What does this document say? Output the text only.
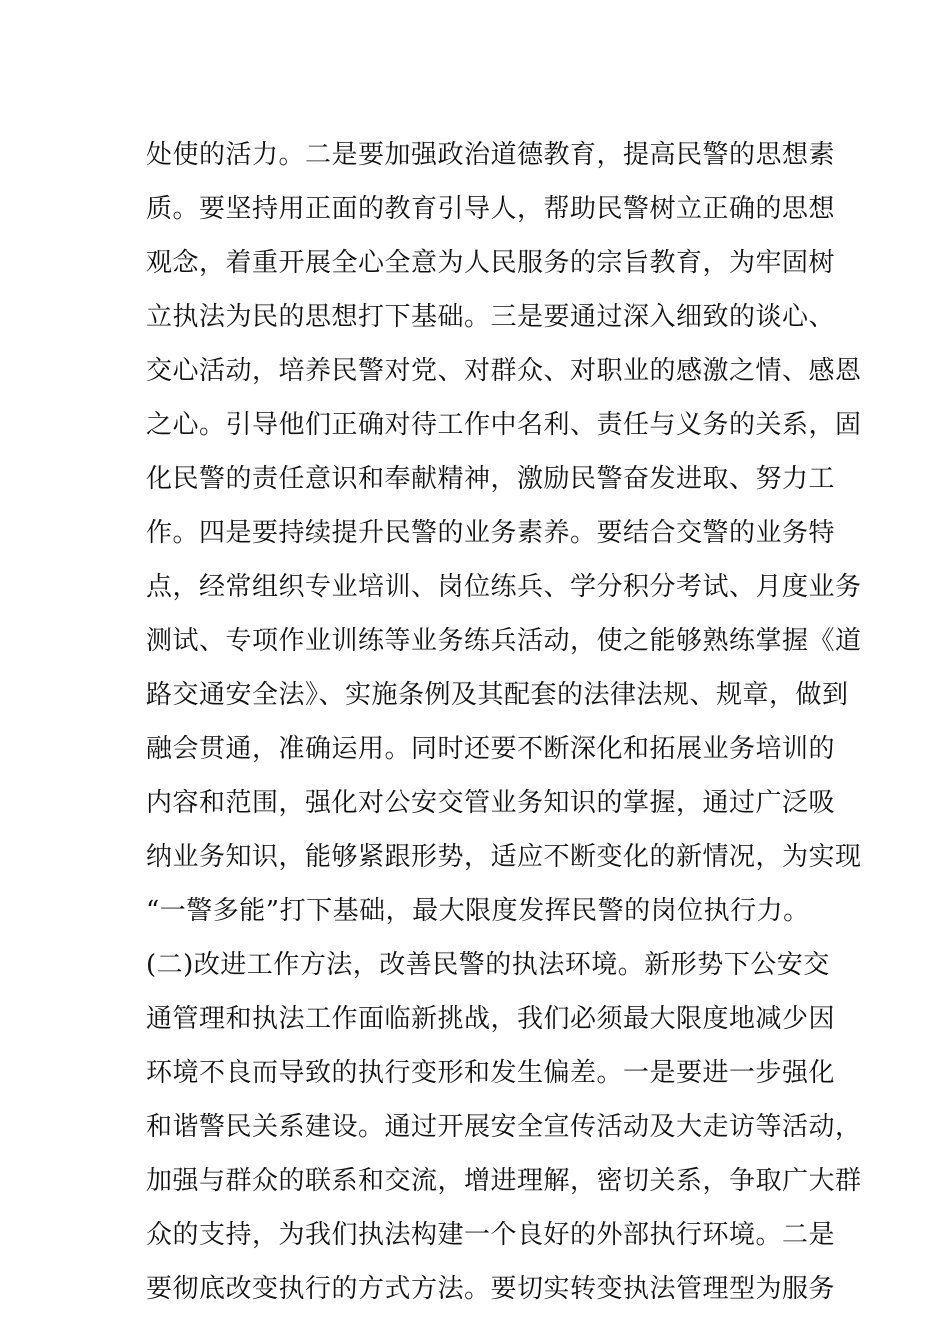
处使的活力。二是要加强政治道德教育，提高民警的思想素
质。要坚持用正面的教育引导人，帮助民警树立正确的思想
观念，着重开展全心全意为人民服务的宗旨教育，为牢固树
立执法为民的思想打下基础。三是要通过深入细致的谈心、
交心活动，培养民警对党、对群众、对职业的感激之情、感恩
之心。引导他们正确对待工作中名利、责任与义务的关系，固
化民警的责任意识和奉献精神，激励民警奋发进取、努力工
作。四是要持续提升民警的业务素养。要结合交警的业务特
点，经常组织专业培训、岗位练兵、学分积分考试、月度业务
测试、专项作业训练等业务练兵活动，使之能够熟练掌握《道
路交通安全法》、实施条例及其配套的法律法规、规章，做到
融会贯通，准确运用。同时还要不断深化和拓展业务培训的
内容和范围，强化对公安交管业务知识的掌握，通过广泛吸
纳业务知识，能够紧跟形势，适应不断变化的新情况，为实现
“一警多能”打下基础，最大限度发挥民警的岗位执行力。
(二)改进工作方法，改善民警的执法环境。新形势下公安交
通管理和执法工作面临新挑战，我们必须最大限度地减少因
环境不良而导致的执行变形和发生偏差。一是要进一步强化
和谐警民关系建设。通过开展安全宣传活动及大走访等活动，
加强与群众的联系和交流，增进理解，密切关系，争取广大群
众的支持，为我们执法构建一个良好的外部执行环境。二是
要彻底改变执行的方式方法。要切实转变执法管理型为服务
